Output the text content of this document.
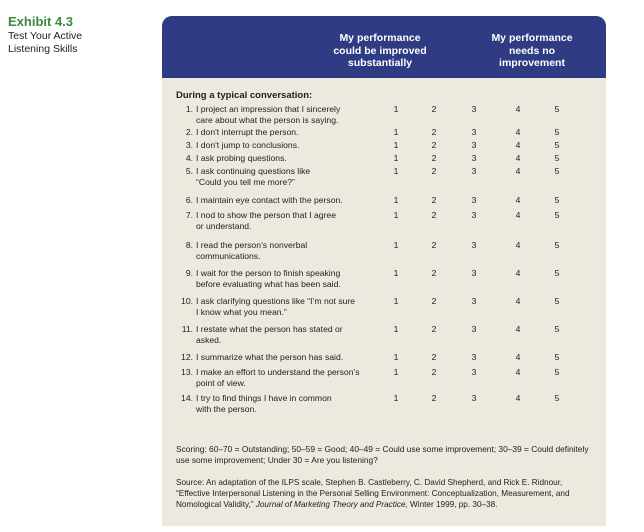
Exhibit 4.3
Test Your Active
Listening Skills
My performance
could be improved
substantially
My performance
needs no
improvement
During a typical conversation:
1. I project an impression that I sincerely
care about what the person is saying.
1	2	3	4	5
2. I don't interrupt the person.	1	2	3	4	5
3. I don't jump to conclusions.	1	2	3	4	5
4. I ask probing questions.	1	2	3	4	5
5. I ask continuing questions like
“Could you tell me more?”
1	2	3	4	5
6. I maintain eye contact with the person.	1	2	3	4	5
7. I nod to show the person that I agree
or understand.
1	2	3	4	5
8. I read the person’s nonverbal
communications.
1	2	3	4	5
9. I wait for the person to finish speaking
before evaluating what has been said.
1	2	3	4	5
10. I ask clarifying questions like “I’m not sure
I know what you mean.”
1	2	3	4	5
11. I restate what the person has stated or
asked.
1	2	3	4	5
12. I summarize what the person has said.	1	2	3	4	5
13. I make an effort to understand the person’s
point of view.
1	2	3	4	5
14. I try to find things I have in common
with the person.
1	2	3	4	5
Scoring: 60–70 = Outstanding; 50–59 = Good; 40–49 = Could use some improvement; 30–39 = Could definitely use some improvement; Under 30 = Are you listening?
Source: An adaptation of the ILPS scale, Stephen B. Castleberry, C. David Shepherd, and Rick E. Ridnour, “Effective Interpersonal Listening in the Personal Selling Environment: Conceptualization, Measurement, and Nomological Validity,” Journal of Marketing Theory and Practice, Winter 1999, pp. 30–38.
